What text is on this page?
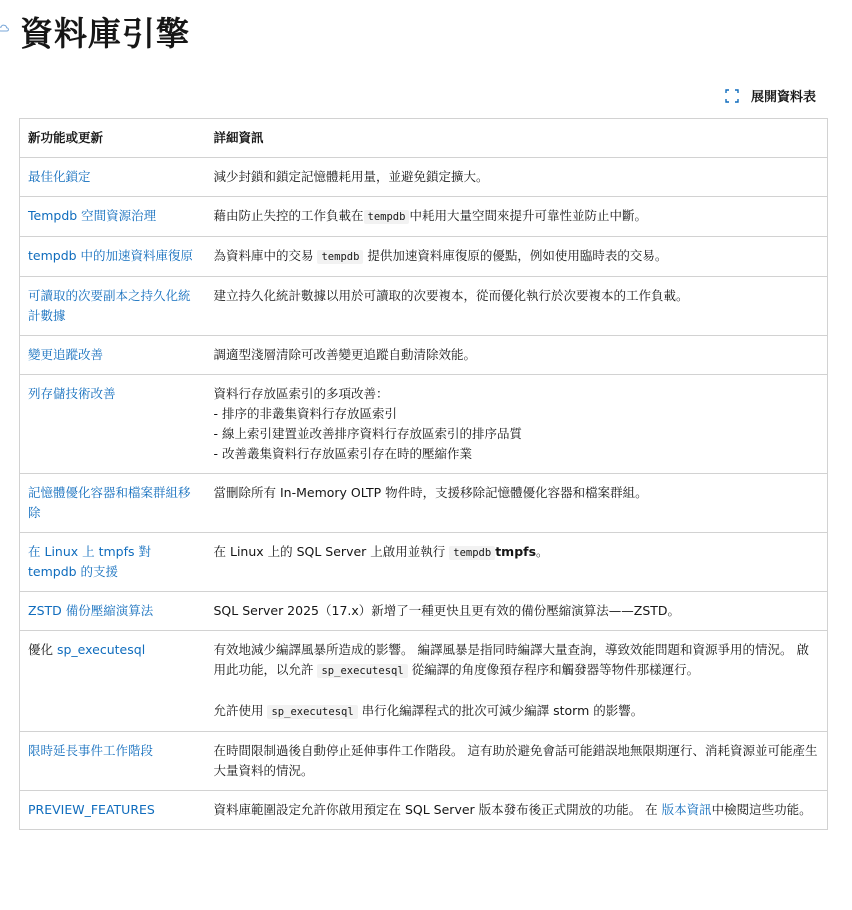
資料庫引擎
展開資料表
新功能或更新	詳細資訊
最佳化鎖定	減少封鎖和鎖定記憶體耗用量，並避免鎖定擴大。
Tempdb 空間資源治理	藉由防止失控的工作負載在 tempdb 中耗用大量空間來提升可靠性並防止中斷。
tempdb 中的加速資料庫復原	為資料庫中的交易 tempdb 提供加速資料庫復原的優點，例如使用臨時表的交易。
可讀取的次要副本之持久化統計數據	建立持久化統計數據以用於可讀取的次要複本，從而優化執行於次要複本的工作負載。
變更追蹤改善	調適型淺層清除可改善變更追蹤自動清除效能。
列存儲技術改善	資料行存放區索引的多項改善：
- 排序的非叢集資料行存放區索引
- 線上索引建置並改善排序資料行存放區索引的排序品質
- 改善叢集資料行存放區索引存在時的壓縮作業

記憶體優化容器和檔案群組移除	當刪除所有 In-Memory OLTP 物件時，支援移除記憶體優化容器和檔案群組。
在 Linux 上 tmpfs 對 tempdb 的支援	在 Linux 上的 SQL Server 上啟用並執行 tempdb tmpfs。
ZSTD 備份壓縮演算法	SQL Server 2025（17.x）新增了一種更快且更有效的備份壓縮演算法——ZSTD。
優化 sp_executesql	有效地減少編譯風暴所造成的影響。 編譯風暴是指同時編譯大量查詢，導致效能問題和資源爭用的情況。 啟用此功能，以允許 sp_executesql 從編譯的角度像預存程序和觸發器等物件那樣運行。
允許使用 sp_executesql 串行化編譯程式的批次可減少編譯 storm 的影響。
限時延長事件工作階段	在時間限制過後自動停止延伸事件工作階段。 這有助於避免會話可能錯誤地無限期運行、消耗資源並可能產生大量資料的情況。
PREVIEW_FEATURES	資料庫範圍設定允許你啟用預定在 SQL Server 版本發布後正式開放的功能。 在 版本資訊中檢閱這些功能。
